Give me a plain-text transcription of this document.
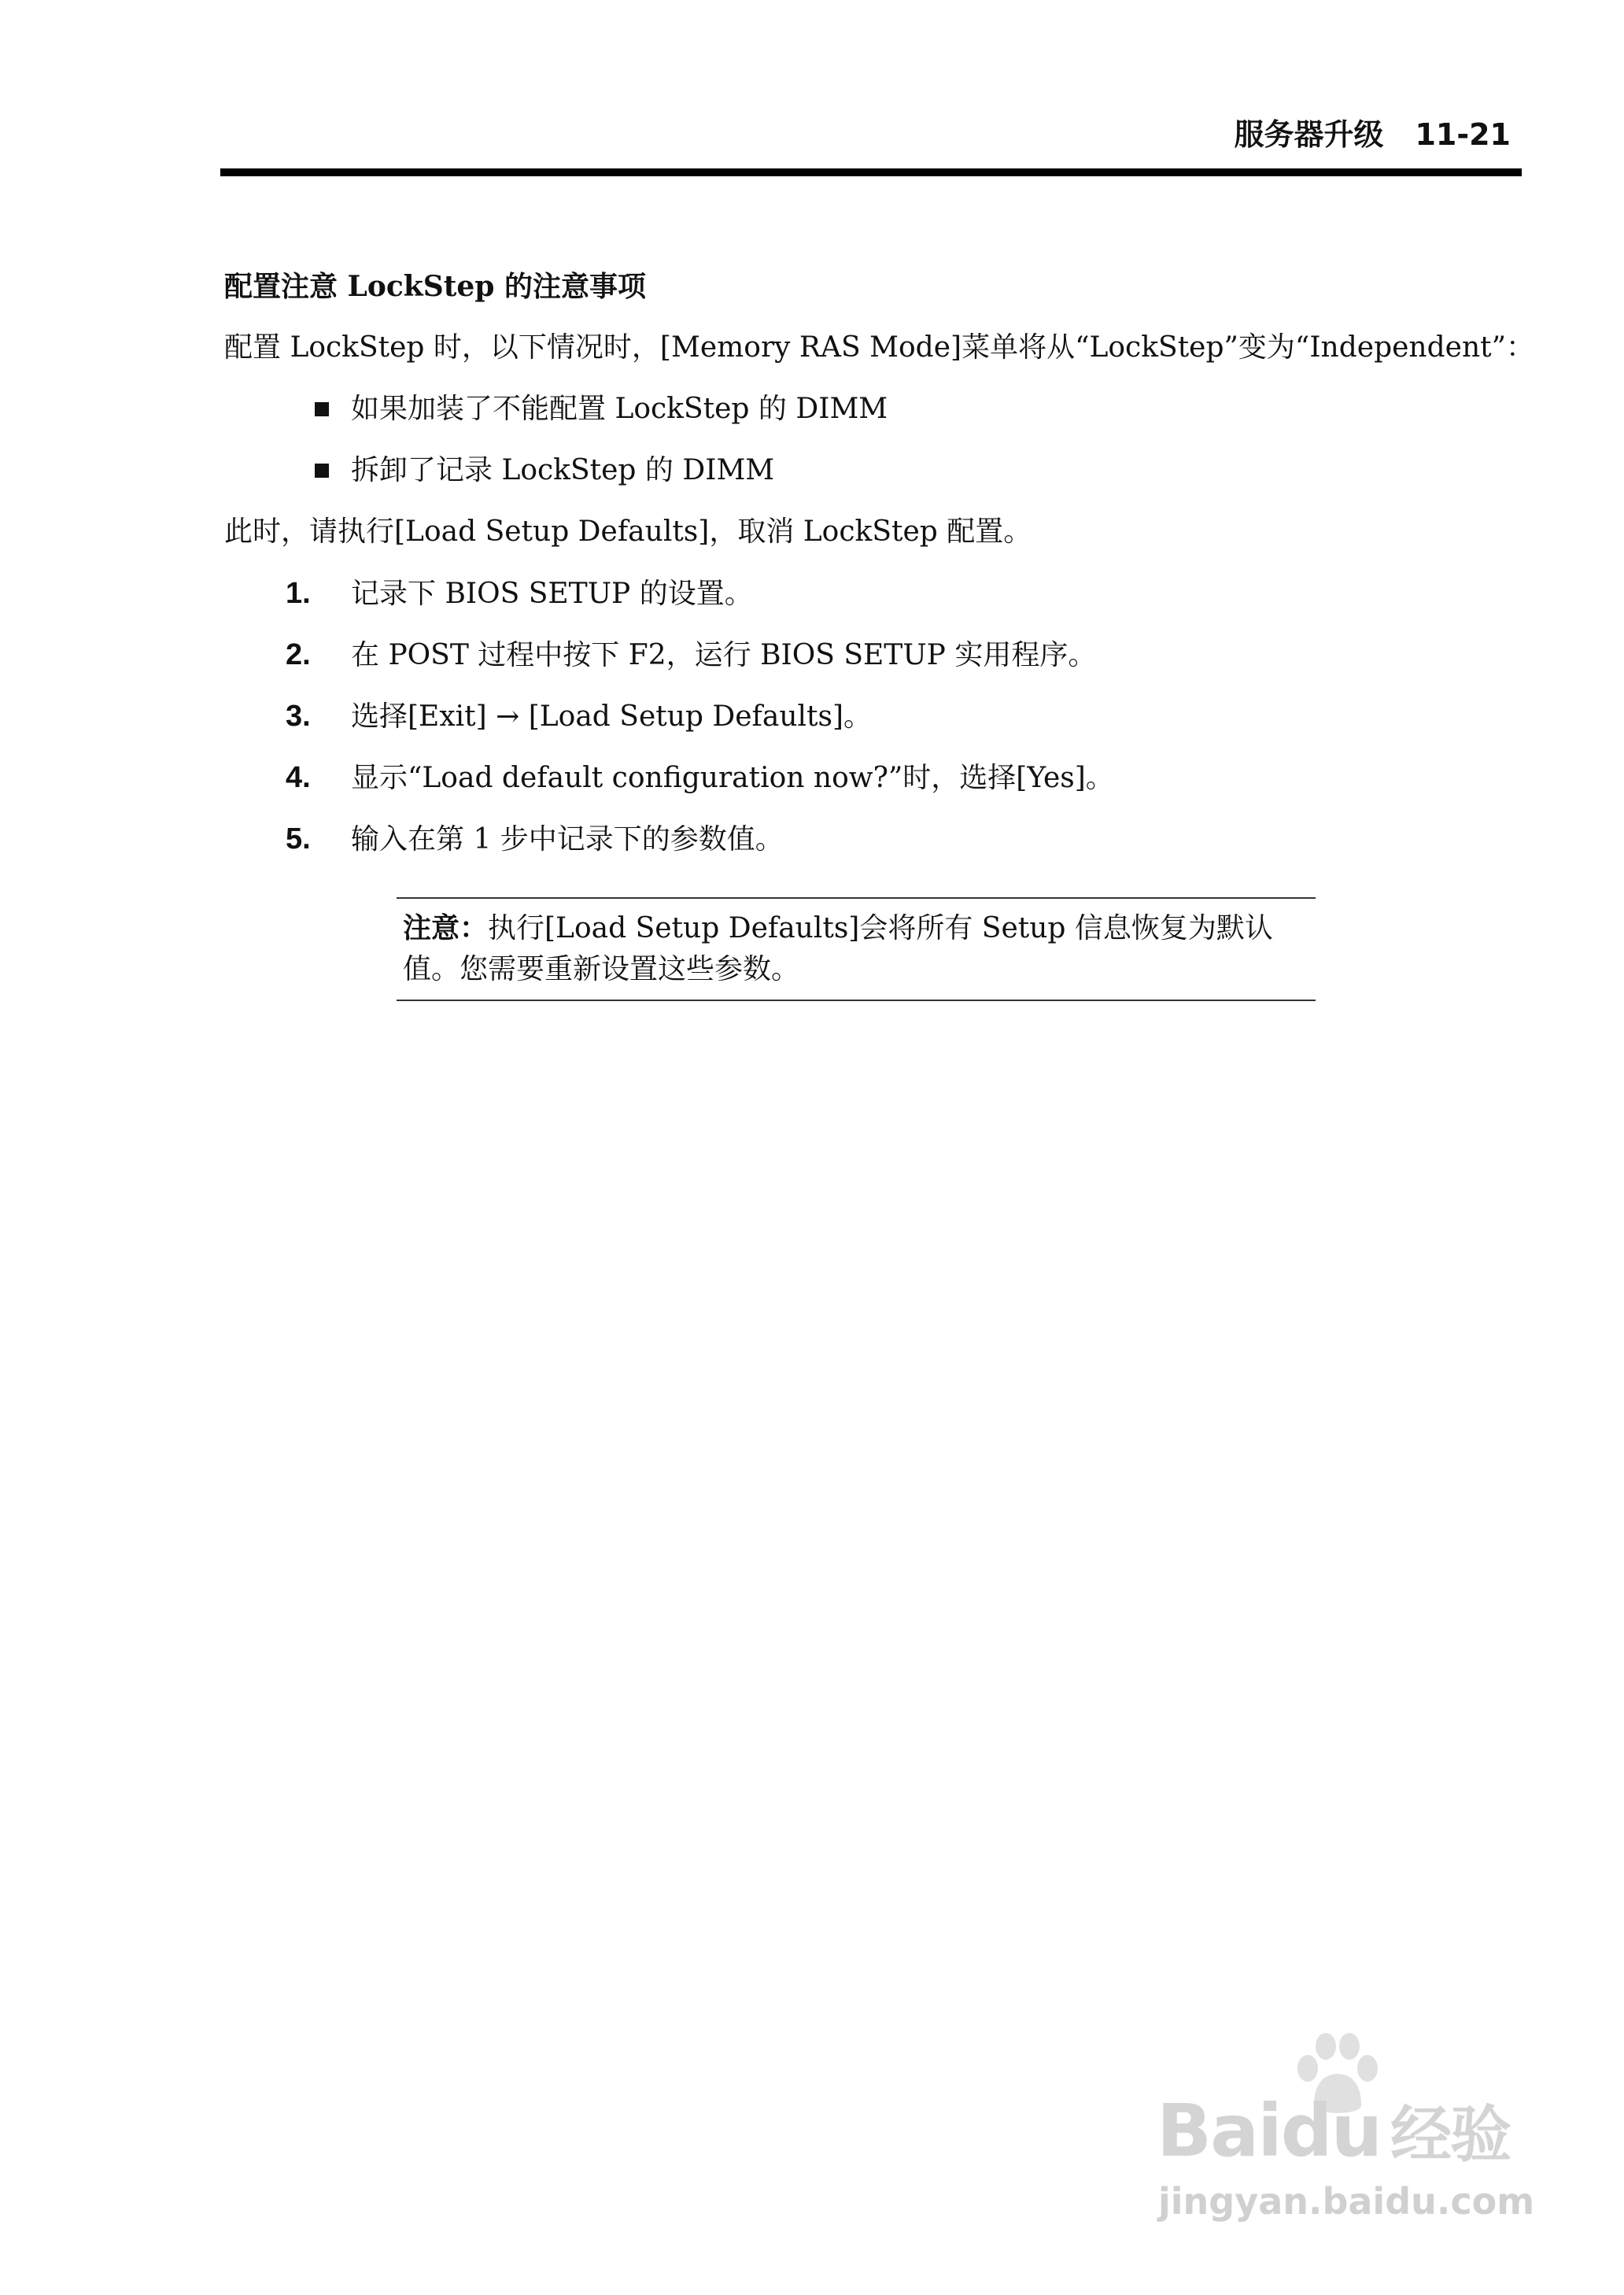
服务器升级 11-21
配置注意 LockStep 的注意事项
配置 LockStep 时，以下情况时，[Memory RAS Mode]菜单将从“LockStep”变为“Independent”：
如果加装了不能配置 LockStep 的 DIMM
拆卸了记录 LockStep 的 DIMM
此时，请执行[Load Setup Defaults]，取消 LockStep 配置。
1.	记录下 BIOS SETUP 的设置。
2.	在 POST 过程中按下 F2，运行 BIOS SETUP 实用程序。
3.	选择[Exit] → [Load Setup Defaults]。
4.	显示“Load default configuration now?”时，选择[Yes]。
5.	输入在第 1 步中记录下的参数值。
注意：执行[Load Setup Defaults]会将所有 Setup 信息恢复为默认值。您需要重新设置这些参数。
Baidu 经验
jingyan.baidu.com
